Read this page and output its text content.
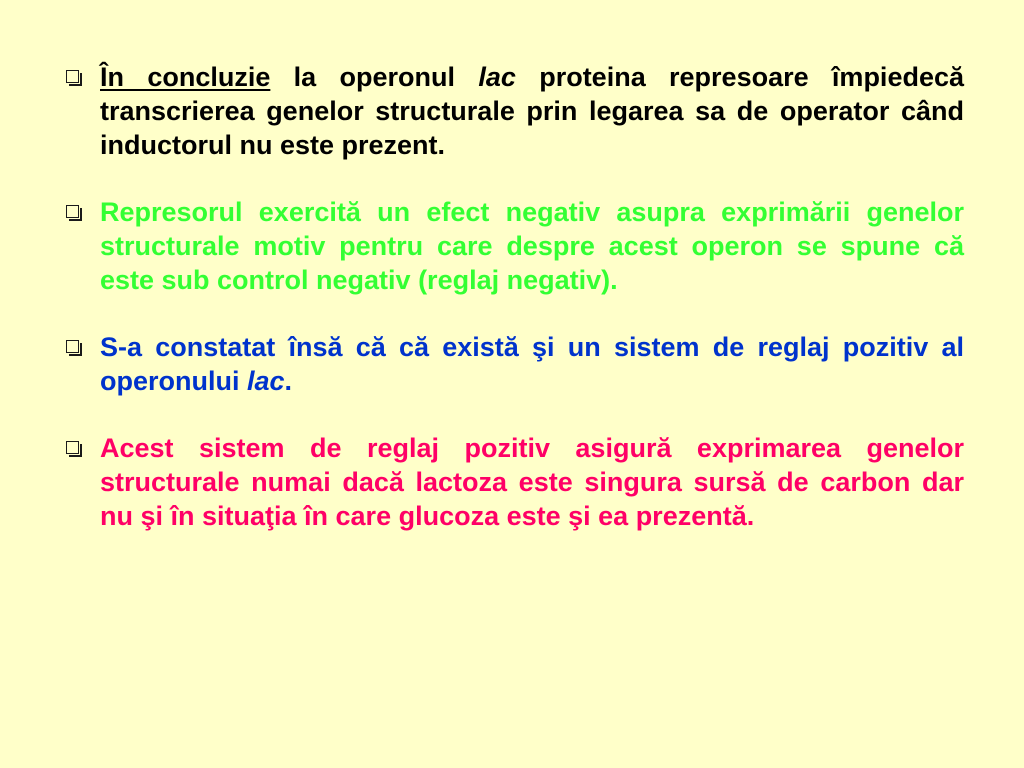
În concluzie la operonul lac proteina represoare împiedecă transcrierea genelor structurale prin legarea sa de operator când inductorul nu este prezent.
Represorul exercită un efect negativ asupra exprimării genelor structurale motiv pentru care despre acest operon se spune că este sub control negativ (reglaj negativ).
S-a constatat însă că că există şi un sistem de reglaj pozitiv al operonului lac.
Acest sistem de reglaj pozitiv asigură exprimarea genelor structurale numai dacă lactoza este singura sursă de carbon dar nu şi în situaţia în care glucoza este şi ea prezentă.
